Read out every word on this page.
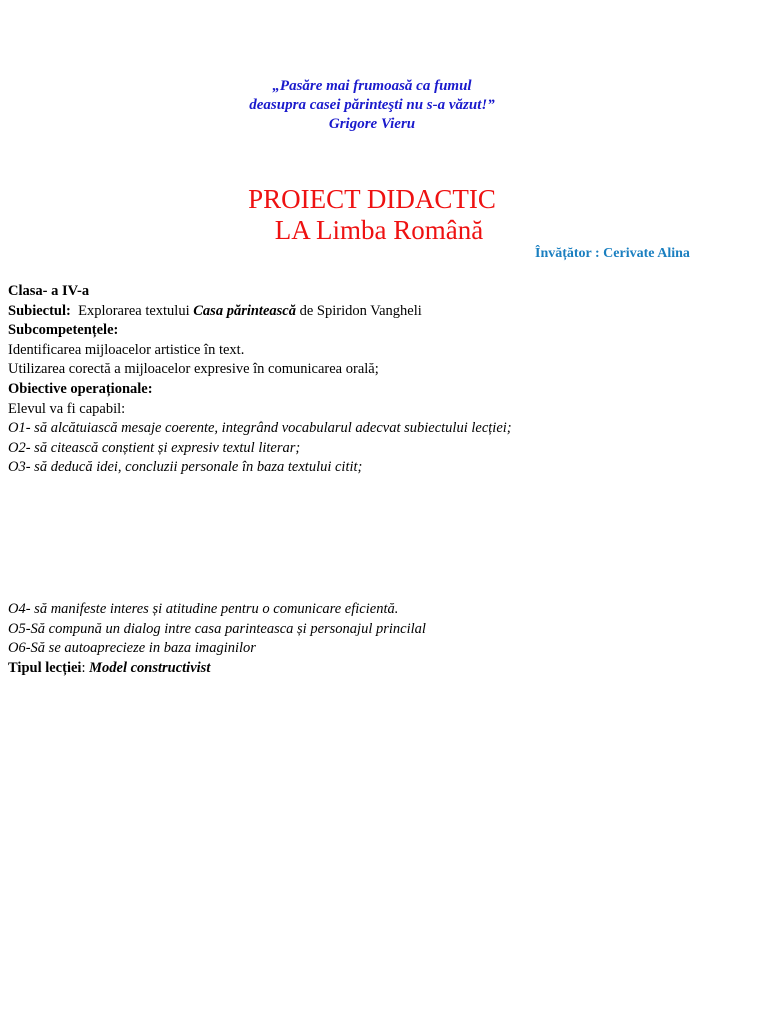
„Pasăre mai frumoasă ca fumul
deasupra casei părinteşti nu s-a văzut!”
Grigore Vieru
PROIECT DIDACTIC
LA Limba Română
Învățător : Cerivate Alina
Clasa- a IV-a
Subiectul:  Explorarea textului Casa părintească de Spiridon Vangheli
Subcompetențele:
Identificarea mijloacelor artistice în text.
Utilizarea corectă a mijloacelor expresive în comunicarea orală;
Obiective operaționale:
Elevul va fi capabil:
O1- să alcătuiască mesaje coerente, integrând vocabularul adecvat subiectului lecției;
O2- să citească conștient și expresiv textul literar;
O3- să deducă idei, concluzii personale în baza textului citit;
O4- să manifeste interes și atitudine pentru o comunicare eficientă.
O5-Să compună un dialog intre casa parinteasca și personajul princilal
O6-Să se autoaprecieze in baza imaginilor
Tipul lecției: Model constructivist
